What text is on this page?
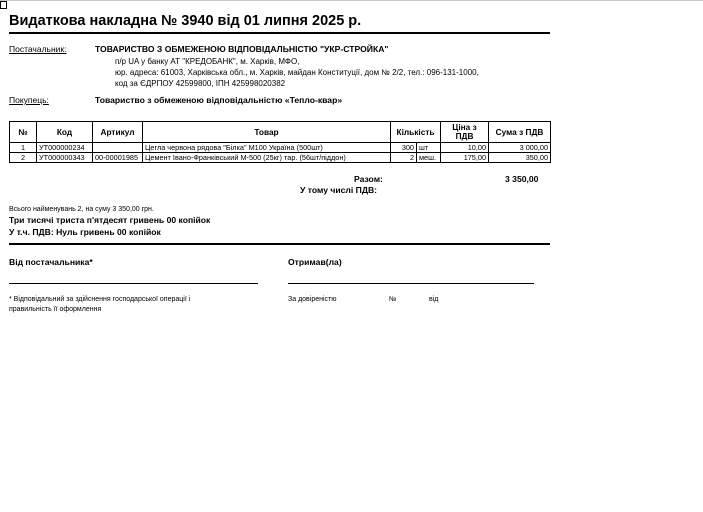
Видаткова накладна № 3940 від 01 липня 2025 р.
Постачальник:	ТОВАРИСТВО З ОБМЕЖЕНОЮ ВІДПОВІДАЛЬНІСТЮ "УКР-СТРОЙКА"
п/р UA у банку АТ "КРЕДОБАНК", м. Харків, МФО,
юр. адреса: 61003, Харківська обл., м. Харків, майдан Конституції, дом № 2/2, тел.: 096-131-1000,
код за ЄДРПОУ 42599800, ІПН 425998020382
Покупець:	Товариство з обмеженою відповідальністю «Тепло-квар»
№	Код	Артикул	Товар	Кількість		Ціна з ПДВ	Сума з ПДВ
1	УТ000000234		Цегла червона рядова "Бiлка" М100 Україна (500шт)	300	шт	10,00	3 000,00
2	УТ000000343	00-00001985	Цемент Івано-Франківський М-500 (25кг) тар. (56шт/піддон)	2	меш.	175,00	350,00
Разом:	3 350,00
У тому числі ПДВ:
Всього найменувань 2, на суму 3 350,00 грн.
Три тисячі триста п'ятдесят гривень 00 копійок
У т.ч. ПДВ: Нуль гривень 00 копійок
Від постачальника*	Отримав(ла)
* Відповідальний за здійснення господарської операції і
правильність її оформлення
За довіреністю	№	від
